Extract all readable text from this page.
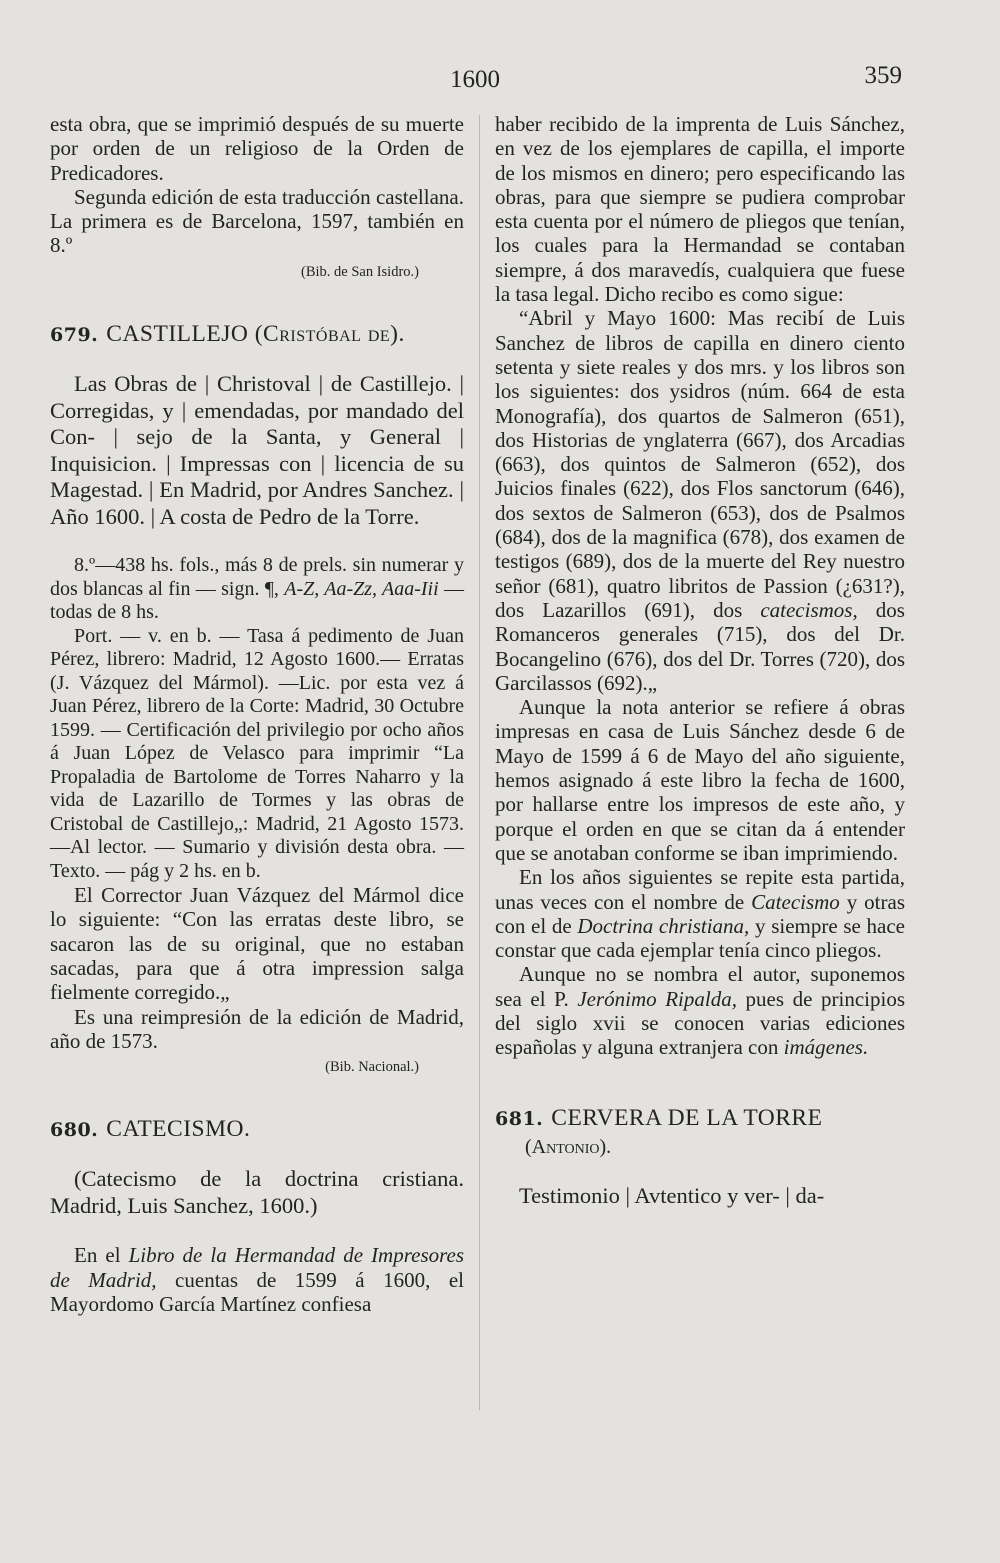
1600	359

esta obra, que se imprimió después de su muerte por orden de un religioso de la Orden de Predicadores.

Segunda edición de esta traducción castellana. La primera es de Barcelona, 1597, también en 8.º

(Bib. de San Isidro.)

679. CASTILLEJO (Cristóbal de).

Las Obras de | Christoval | de Castillejo. | Corregidas, y | emendadas, por mandado del Con- | sejo de la Santa, y General | Inquisicion. | Impressas con | licencia de su Magestad. | En Madrid, por Andres Sanchez. | Año 1600. | A costa de Pedro de la Torre.

8.º—438 hs. fols., más 8 de prels. sin numerar y dos blancas al fin — sign. ¶, A-Z, Aa-Zz, Aaa-Iii — todas de 8 hs.

Port. — v. en b. — Tasa á pedimento de Juan Pérez, librero: Madrid, 12 Agosto 1600.— Erratas (J. Vázquez del Mármol). —Lic. por esta vez á Juan Pérez, librero de la Corte: Madrid, 30 Octubre 1599. — Certificación del privilegio por ocho años á Juan López de Velasco para imprimir “La Propaladia de Bartolome de Torres Naharro y la vida de Lazarillo de Tormes y las obras de Cristobal de Castillejo„: Madrid, 21 Agosto 1573.—Al lector. — Sumario y división desta obra. — Texto. — pág y 2 hs. en b.

El Corrector Juan Vázquez del Mármol dice lo siguiente: “Con las erratas deste libro, se sacaron las de su original, que no estaban sacadas, para que á otra impression salga fielmente corregido.„

Es una reimpresión de la edición de Madrid, año de 1573.

(Bib. Nacional.)

680. CATECISMO.

(Catecismo de la doctrina cristiana. Madrid, Luis Sanchez, 1600.)

En el Libro de la Hermandad de Impresores de Madrid, cuentas de 1599 á 1600, el Mayordomo García Martínez confiesa

haber recibido de la imprenta de Luis Sánchez, en vez de los ejemplares de capilla, el importe de los mismos en dinero; pero especificando las obras, para que siempre se pudiera comprobar esta cuenta por el número de pliegos que tenían, los cuales para la Hermandad se contaban siempre, á dos maravedís, cualquiera que fuese la tasa legal. Dicho recibo es como sigue:

“Abril y Mayo 1600: Mas recibí de Luis Sanchez de libros de capilla en dinero ciento setenta y siete reales y dos mrs. y los libros son los siguientes: dos ysidros (núm. 664 de esta Monografía), dos quartos de Salmeron (651), dos Historias de ynglaterra (667), dos Arcadias (663), dos quintos de Salmeron (652), dos Juicios finales (622), dos Flos sanctorum (646), dos sextos de Salmeron (653), dos de Psalmos (684), dos de la magnifica (678), dos examen de testigos (689), dos de la muerte del Rey nuestro señor (681), quatro libritos de Passion (¿631?), dos Lazarillos (691), dos catecismos, dos Romanceros generales (715), dos del Dr. Bocangelino (676), dos del Dr. Torres (720), dos Garcilassos (692).„

Aunque la nota anterior se refiere á obras impresas en casa de Luis Sánchez desde 6 de Mayo de 1599 á 6 de Mayo del año siguiente, hemos asignado á este libro la fecha de 1600, por hallarse entre los impresos de este año, y porque el orden en que se citan da á entender que se anotaban conforme se iban imprimiendo.

En los años siguientes se repite esta partida, unas veces con el nombre de Catecismo y otras con el de Doctrina christiana, y siempre se hace constar que cada ejemplar tenía cinco pliegos.

Aunque no se nombra el autor, suponemos sea el P. Jerónimo Ripalda, pues de principios del siglo xvii se conocen varias ediciones españolas y alguna extranjera con imágenes.

681. CERVERA DE LA TORRE
(Antonio).

Testimonio | Avtentico y ver- | da-
